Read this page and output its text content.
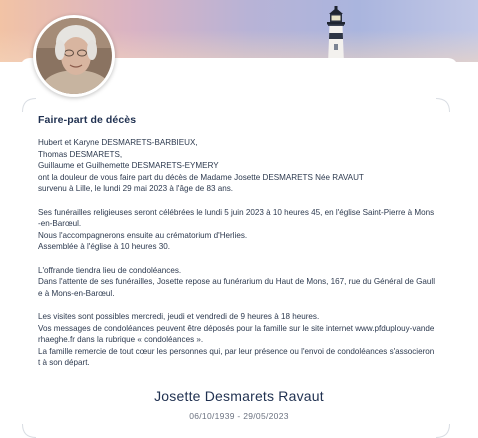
Faire-part de décès
Hubert et Karyne DESMARETS-BARBIEUX,
Thomas DESMARETS,
Guillaume et Guilhemette DESMARETS-EYMERY
ont la douleur de vous faire part du décès de Madame Josette DESMARETS Née RAVAUT
survenu à Lille, le lundi 29 mai 2023 à l'âge de 83 ans.
Ses funérailles religieuses seront célébrées le lundi 5 juin 2023 à 10 heures 45, en l'église Saint-Pierre à Mons-en-Barœul.
Nous l'accompagnerons ensuite au crématorium d'Herlies.
Assemblée à l'église à 10 heures 30.
L'offrande tiendra lieu de condoléances.
Dans l'attente de ses funérailles, Josette repose au funérarium du Haut de Mons, 167, rue du Général de Gaulle à Mons-en-Barœul.
Les visites sont possibles mercredi, jeudi et vendredi de 9 heures à 18 heures.
Vos messages de condoléances peuvent être déposés pour la famille sur le site internet www.pfduplouy-vanderhaeghe.fr dans la rubrique « condoléances ».
La famille remercie de tout cœur les personnes qui, par leur présence ou l'envoi de condoléances s'associeront à son départ.
Josette Desmarets Ravaut
06/10/1939 - 29/05/2023
